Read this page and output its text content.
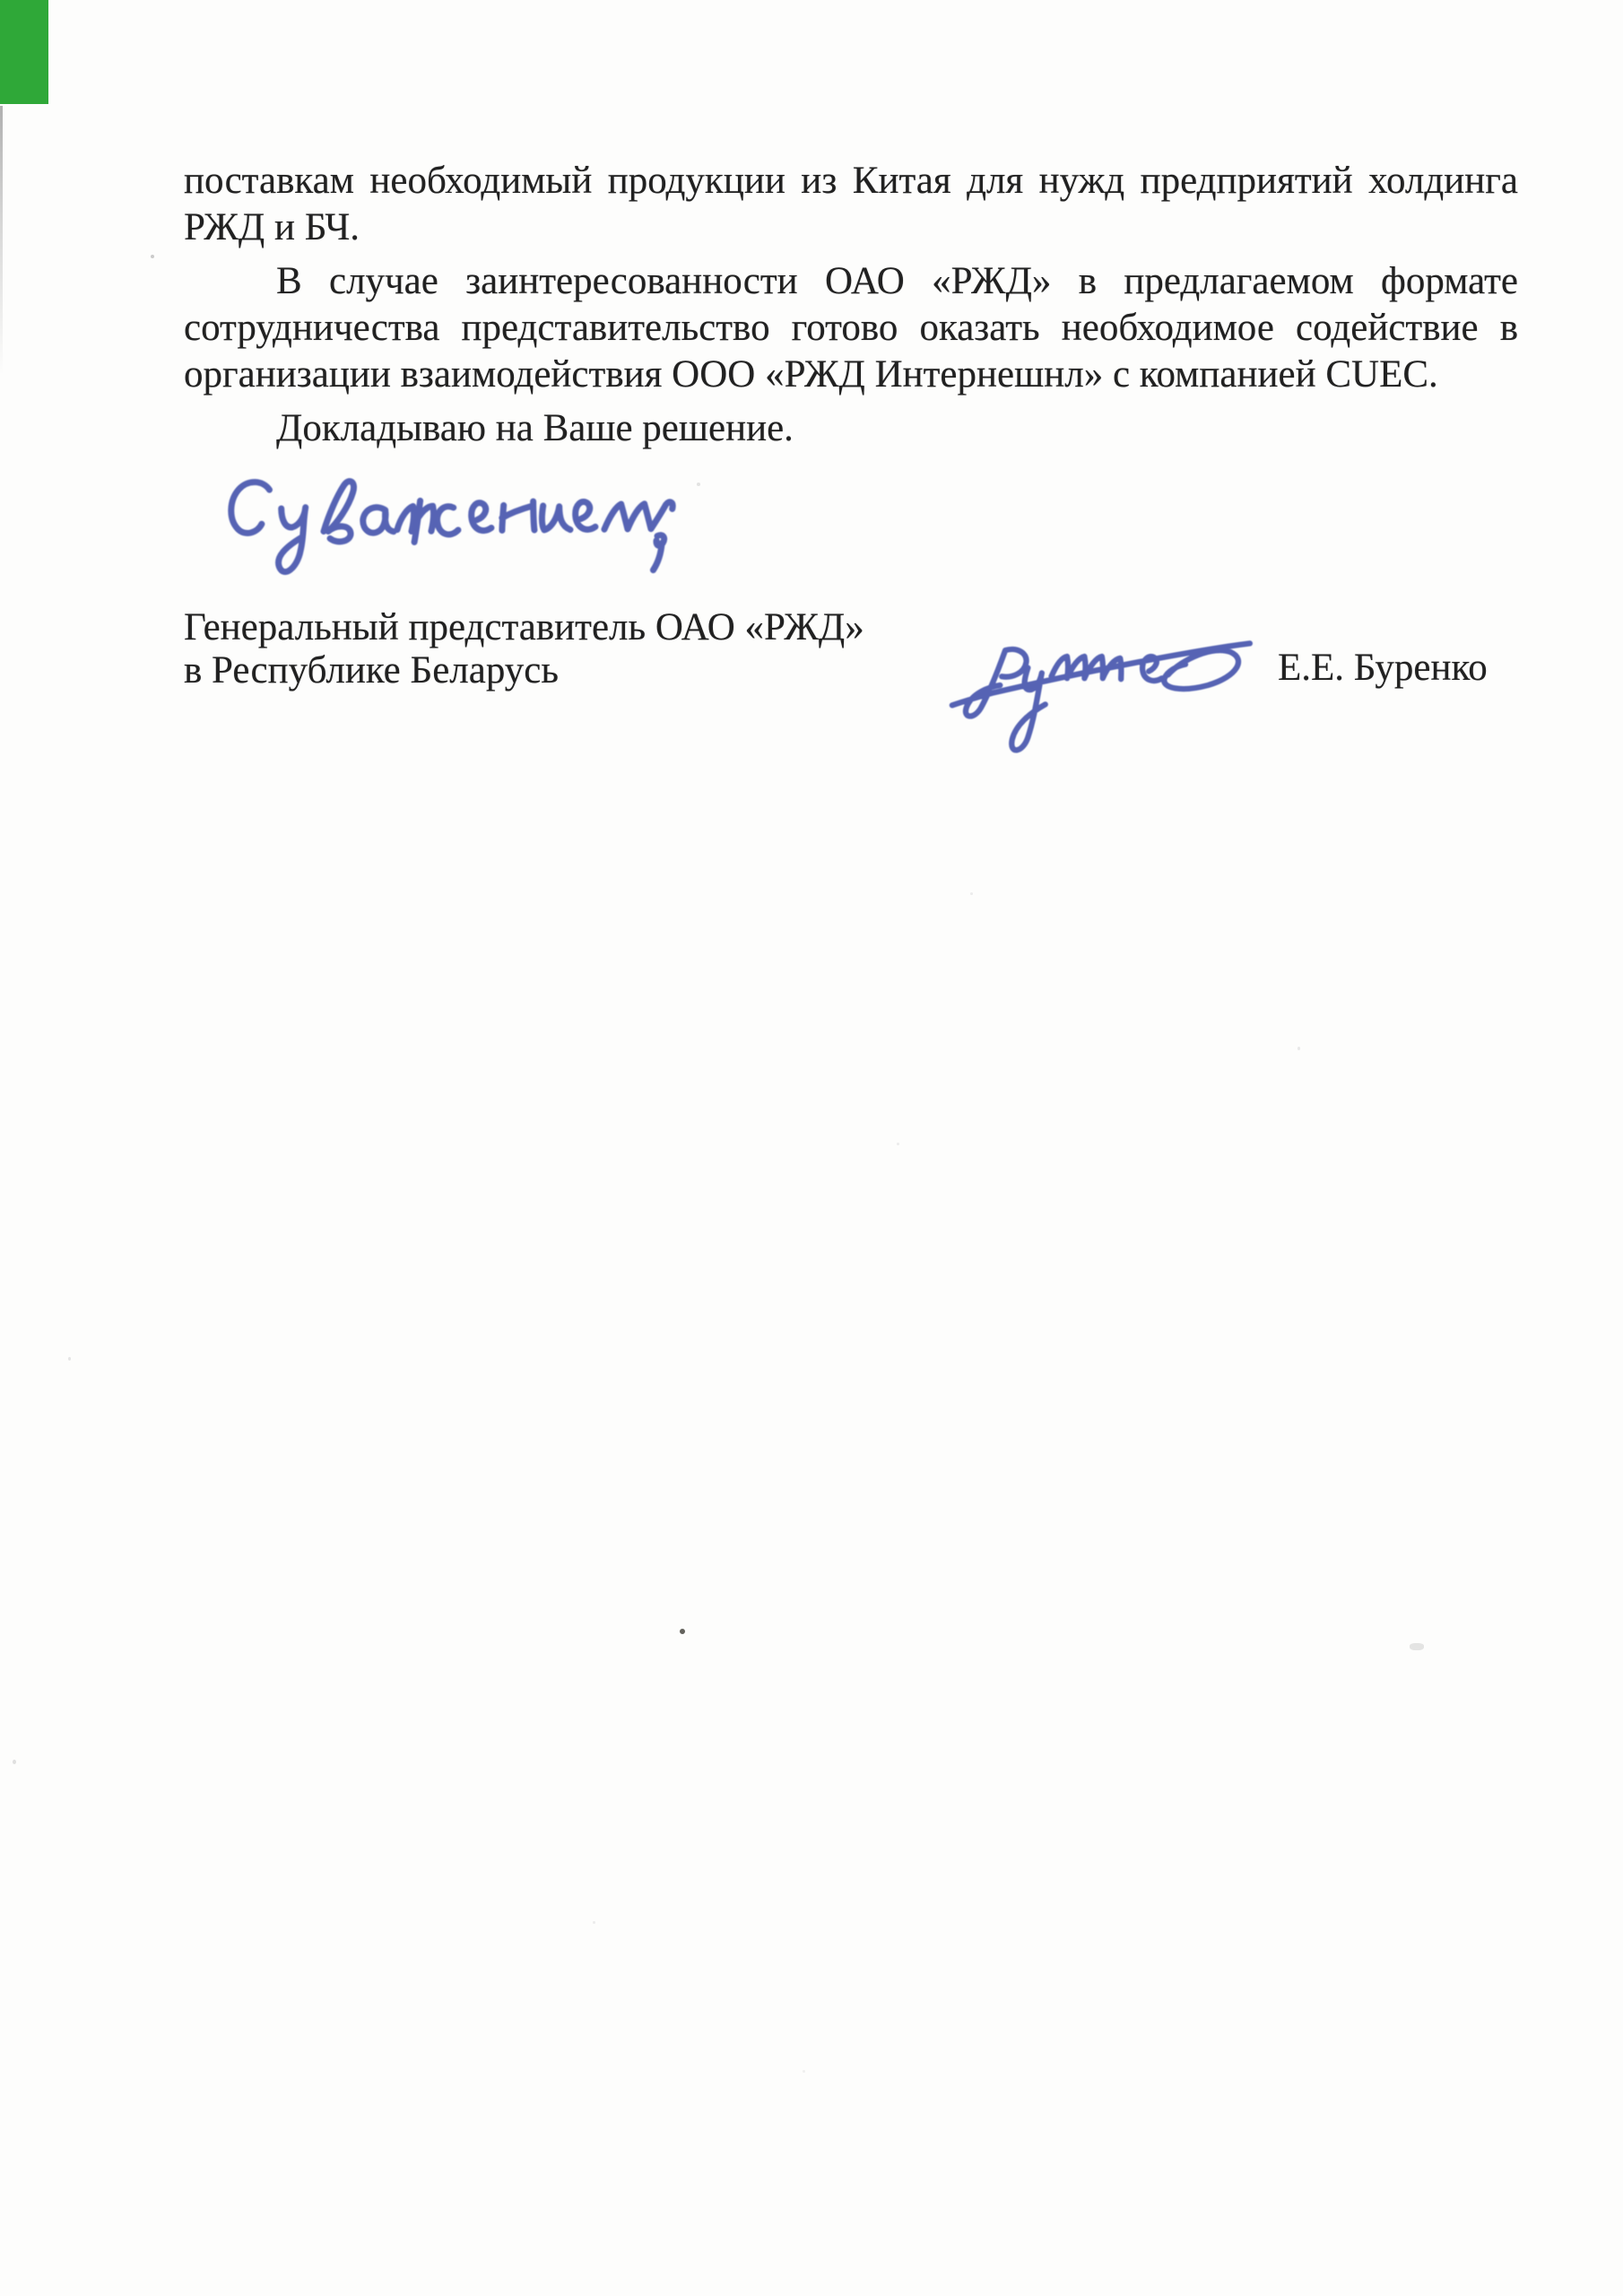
поставкам необходимый продукции из Китая для нужд предприятий холдинга
РЖД и БЧ.

В случае заинтересованности ОАО «РЖД» в предлагаемом формате
сотрудничества представительство готово оказать необходимое содействие в
организации взаимодействия ООО «РЖД Интернешнл» с компанией CUEC.

Докладываю на Ваше решение.

Генеральный представитель ОАО «РЖД»
в Республике Беларусь	Е.Е. Буренко
